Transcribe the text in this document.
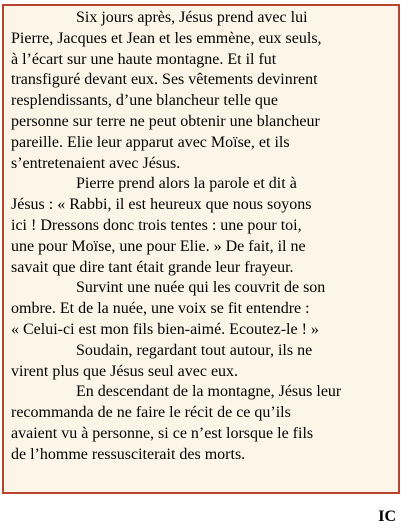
Six jours après, Jésus prend avec lui
Pierre, Jacques et Jean et les emmène, eux seuls,
à l’écart sur une haute montagne. Et il fut
transfiguré devant eux. Ses vêtements devinrent
resplendissants, d’une blancheur telle que
personne sur terre ne peut obtenir une blancheur
pareille. Elie leur apparut avec Moïse, et ils
s’entretenaient avec Jésus.
Pierre prend alors la parole et dit à
Jésus : « Rabbi, il est heureux que nous soyons
ici ! Dressons donc trois tentes : une pour toi,
une pour Moïse, une pour Elie. » De fait, il ne
savait que dire tant était grande leur frayeur.
Survint une nuée qui les couvrit de son
ombre. Et de la nuée, une voix se fit entendre :
« Celui-ci est mon fils bien-aimé. Ecoutez-le ! »
Soudain, regardant tout autour, ils ne
virent plus que Jésus seul avec eux.
En descendant de la montagne, Jésus leur
recommanda de ne faire le récit de ce qu’ils
avaient vu à personne, si ce n’est lorsque le fils
de l’homme ressusciterait des morts.
IC
